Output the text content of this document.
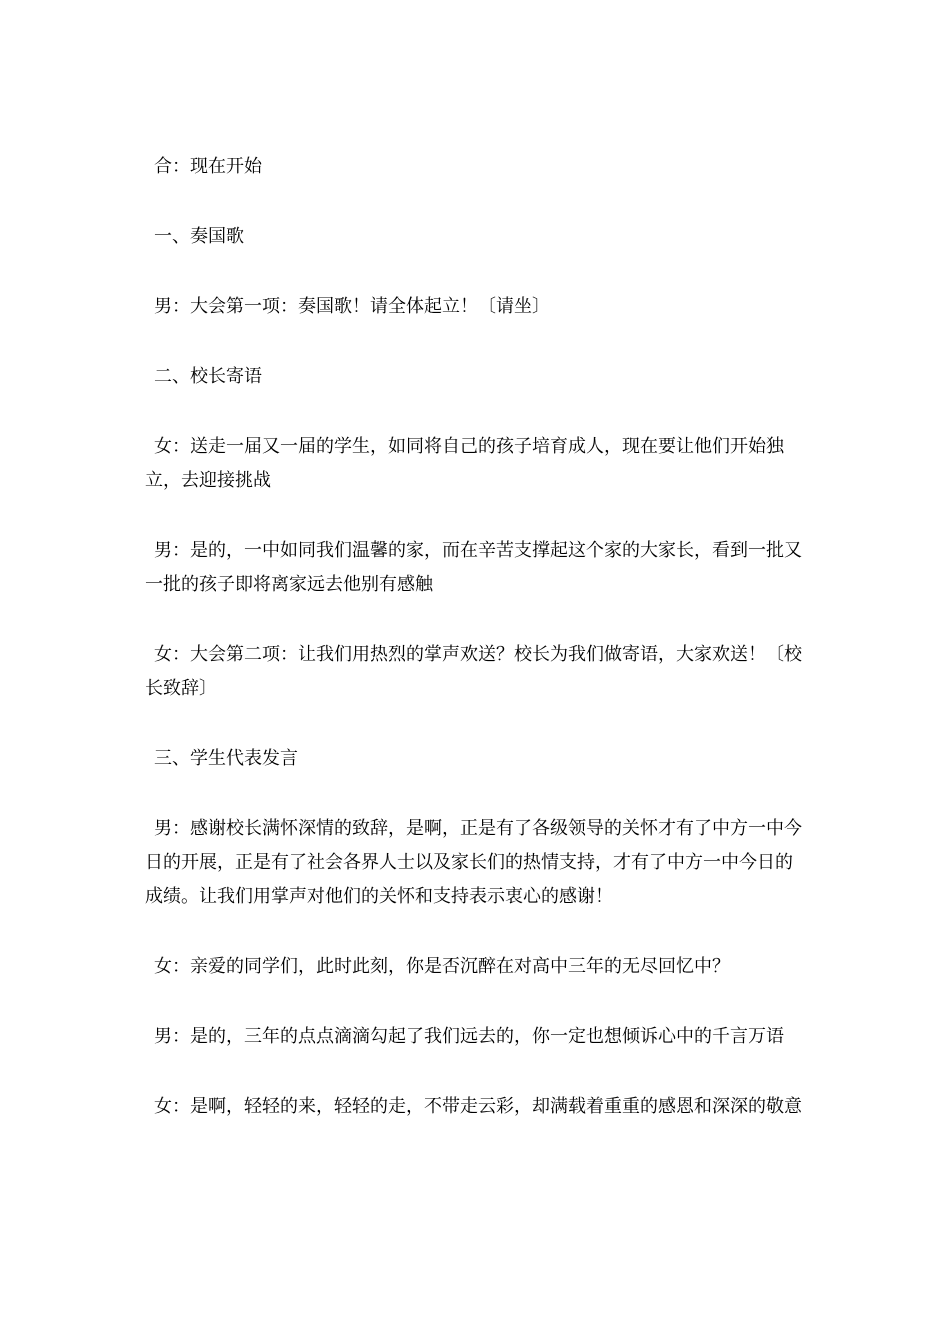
合：现在开始

一、奏国歌

男：大会第一项：奏国歌！请全体起立！〔请坐〕

二、校长寄语

女：送走一届又一届的学生，如同将自己的孩子培育成人，现在要让他们开始独立，去迎接挑战

男：是的，一中如同我们温馨的家，而在辛苦支撑起这个家的大家长，看到一批又一批的孩子即将离家远去他别有感触

女：大会第二项：让我们用热烈的掌声欢送？校长为我们做寄语，大家欢送！〔校长致辞〕

三、学生代表发言

男：感谢校长满怀深情的致辞，是啊，正是有了各级领导的关怀才有了中方一中今日的开展，正是有了社会各界人士以及家长们的热情支持，才有了中方一中今日的成绩。让我们用掌声对他们的关怀和支持表示衷心的感谢！

女：亲爱的同学们，此时此刻，你是否沉醉在对高中三年的无尽回忆中？

男：是的，三年的点点滴滴勾起了我们远去的，你一定也想倾诉心中的千言万语

女：是啊，轻轻的来，轻轻的走，不带走云彩，却满载着重重的感恩和深深的敬意
